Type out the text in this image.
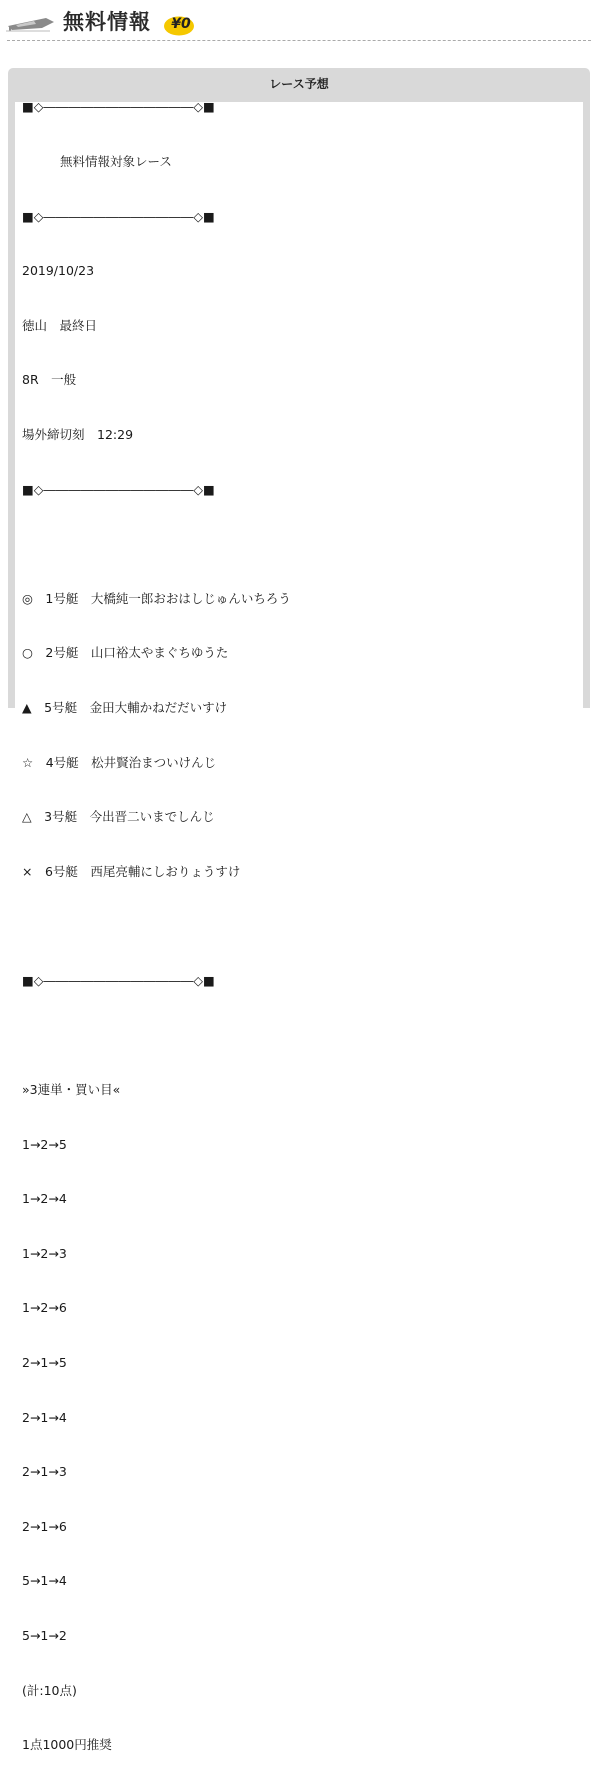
無料情報	¥0
レース予想

■◇――――――――――――◇■

無料情報対象レース

■◇――――――――――――◇■

2019/10/23

徳山　最終日

8R　一般

場外締切刻　12:29

■◇――――――――――――◇■

◎　1号艇　大橋純一郎おおはしじゅんいちろう

○　2号艇　山口裕太やまぐちゆうた

▲　5号艇　金田大輔かねだだいすけ

☆　4号艇　松井賢治まついけんじ

△　3号艇　今出晋二いまでしんじ

×　6号艇　西尾亮輔にしおりょうすけ

■◇――――――――――――◇■

»3連単・買い目«

1→2→5

1→2→4

1→2→3

1→2→6

2→1→5

2→1→4

2→1→3

2→1→6

5→1→4

5→1→2

(計:10点)

1点1000円推奨
